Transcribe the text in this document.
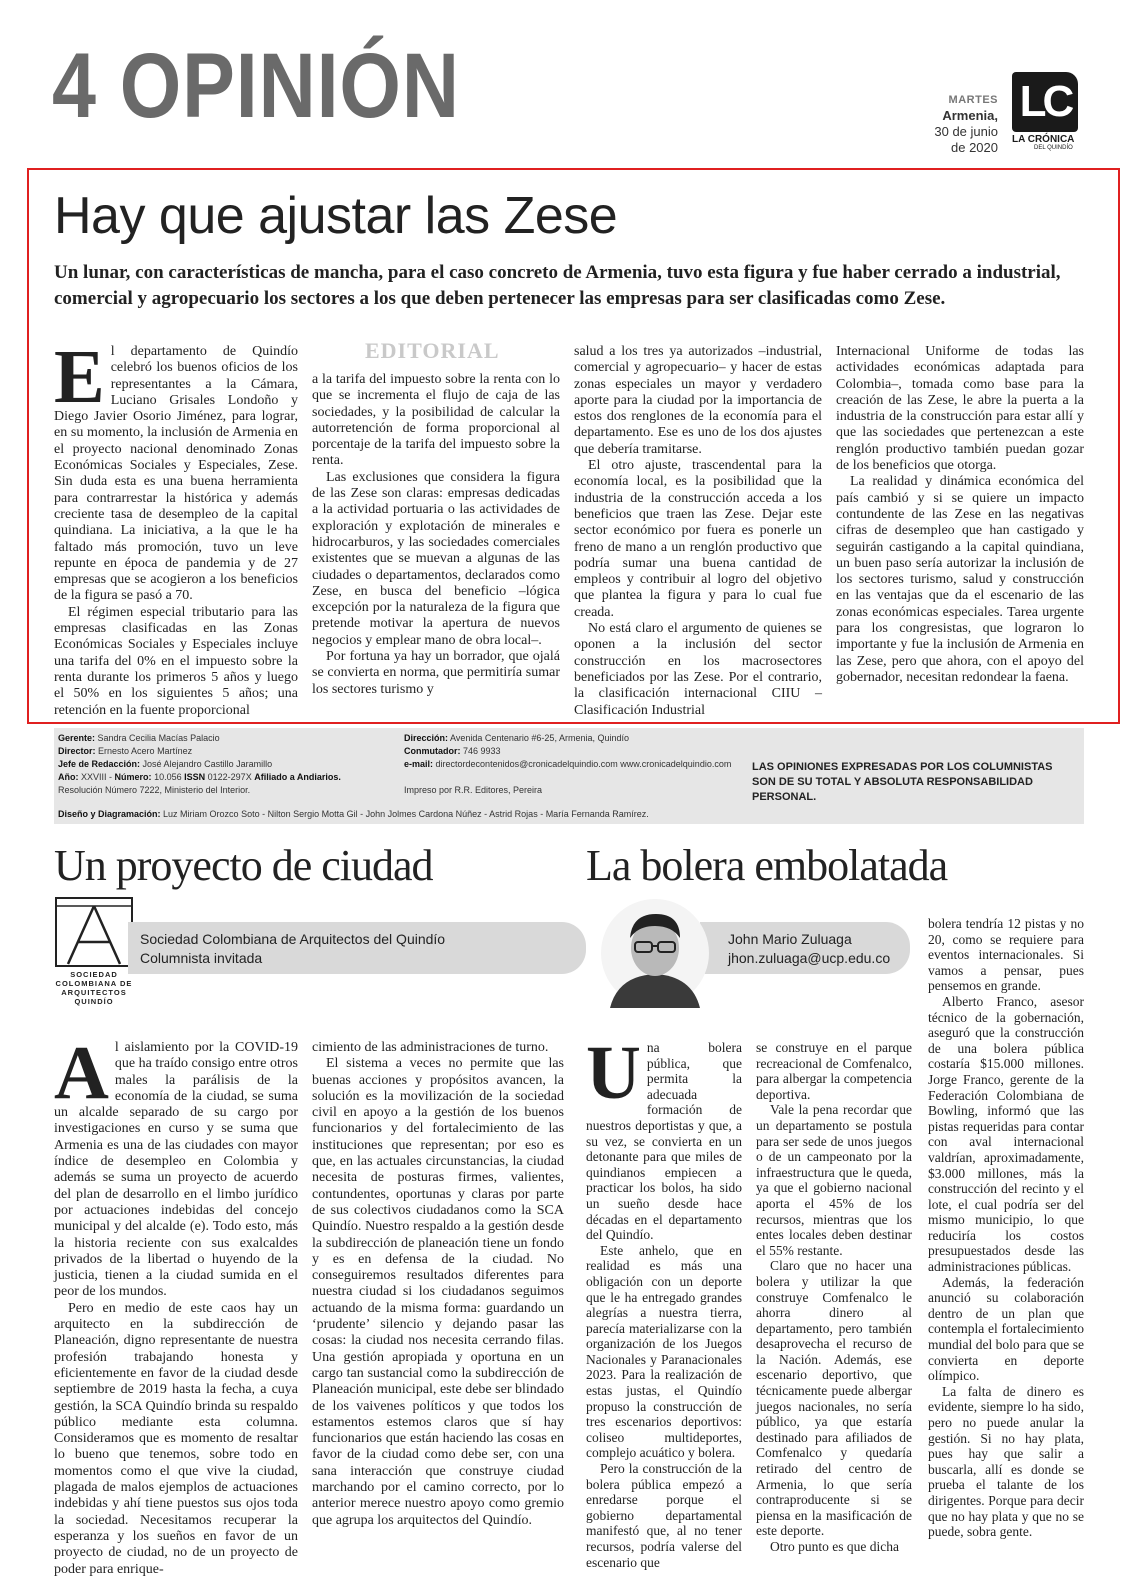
4 OPINIÓN	MARTES
Armenia,
30 de junio
de 2020
LC
LA CRÓNICA
DEL QUINDÍO
Hay que ajustar las Zese
Un lunar, con características de mancha, para el caso concreto de Armenia, tuvo esta figura y fue haber cerrado a industrial, comercial y agropecuario los sectores a los que deben pertenecer las empresas para ser clasificadas como Zese.
EDITORIAL
E l departamento de Quindío celebró los buenos oficios de los representantes a la Cámara, Luciano Grisales Londoño y Diego Javier Osorio Jiménez, para lograr, en su momento, la inclusión de Armenia en el proyecto nacional denominado Zonas Económicas Sociales y Especiales, Zese. Sin duda esta es una buena herramienta para contrarrestar la histórica y además creciente tasa de desempleo de la capital quindiana. La iniciativa, a la que le ha faltado más promoción, tuvo un leve repunte en época de pandemia y de 27 empresas que se acogieron a los beneficios de la figura se pasó a 70.

El régimen especial tributario para las empresas clasificadas en las Zonas Económicas Sociales y Especiales incluye una tarifa del 0% en el impuesto sobre la renta durante los primeros 5 años y luego el 50% en los siguientes 5 años; una retención en la fuente proporcional

a la tarifa del impuesto sobre la renta con lo que se incrementa el flujo de caja de las sociedades, y la posibilidad de calcular la autorretención de forma proporcional al porcentaje de la tarifa del impuesto sobre la renta.

Las exclusiones que considera la figura de las Zese son claras: empresas dedicadas a la actividad portuaria o las actividades de exploración y explotación de minerales e hidrocarburos, y las sociedades comerciales existentes que se muevan a algunas de las ciudades o departamentos, declarados como Zese, en busca del beneficio –lógica excepción por la naturaleza de la figura que pretende motivar la apertura de nuevos negocios y emplear mano de obra local–.

Por fortuna ya hay un borrador, que ojalá se convierta en norma, que permitiría sumar los sectores turismo y

salud a los tres ya autorizados –industrial, comercial y agropecuario– y hacer de estas zonas especiales un mayor y verdadero aporte para la ciudad por la importancia de estos dos renglones de la economía para el departamento. Ese es uno de los dos ajustes que debería tramitarse.

El otro ajuste, trascendental para la economía local, es la posibilidad que la industria de la construcción acceda a los beneficios que traen las Zese. Dejar este sector económico por fuera es ponerle un freno de mano a un renglón productivo que podría sumar una buena cantidad de empleos y contribuir al logro del objetivo que plantea la figura y para lo cual fue creada.

No está claro el argumento de quienes se oponen a la inclusión del sector construcción en los macrosectores beneficiados por las Zese. Por el contrario, la clasificación internacional CIIU –Clasificación Industrial

Internacional Uniforme de todas las actividades económicas adaptada para Colombia–, tomada como base para la creación de las Zese, le abre la puerta a la industria de la construcción para estar allí y que las sociedades que pertenezcan a este renglón productivo también puedan gozar de los beneficios que otorga.

La realidad y dinámica económica del país cambió y si se quiere un impacto contundente de las Zese en las negativas cifras de desempleo que han castigado y seguirán castigando a la capital quindiana, un buen paso sería autorizar la inclusión de los sectores turismo, salud y construcción en las ventajas que da el escenario de las zonas económicas especiales. Tarea urgente para los congresistas, que lograron lo importante y fue la inclusión de Armenia en las Zese, pero que ahora, con el apoyo del gobernador, necesitan redondear la faena.

Gerente: Sandra Cecilia Macías Palacio
Director: Ernesto Acero Martínez
Jefe de Redacción: José Alejandro Castillo Jaramillo
Año: XXVIII - Número: 10.056 ISSN 0122-297X Afiliado a Andiarios.
Resolución Número 7222, Ministerio del Interior.
Dirección: Avenida Centenario #6-25, Armenia, Quindío
Conmutador: 746 9933
e-mail: directordecontenidos@cronicadelquindio.com www.cronicadelquindio.com
Impreso por R.R. Editores, Pereira
Diseño y Diagramación: Luz Miriam Orozco Soto - Nilton Sergio Motta Gil - John Jolmes Cardona Núñez - Astrid Rojas - María Fernanda Ramírez.
LAS OPINIONES EXPRESADAS POR LOS COLUMNISTAS SON DE SU TOTAL Y ABSOLUTA RESPONSABILIDAD PERSONAL.
Un proyecto de ciudad
SOCIEDAD COLOMBIANA DE ARQUITECTOS QUINDÍO
Sociedad Colombiana de Arquitectos del Quindío
Columnista invitada
A l aislamiento por la COVID-19 que ha traído consigo entre otros males la parálisis de la economía de la ciudad, se suma un alcalde separado de su cargo por investigaciones en curso y se suma que Armenia es una de las ciudades con mayor índice de desempleo en Colombia y además se suma un proyecto de acuerdo del plan de desarrollo en el limbo jurídico por actuaciones indebidas del concejo municipal y del alcalde (e). Todo esto, más la historia reciente con sus exalcaldes privados de la libertad o huyendo de la justicia, tienen a la ciudad sumida en el peor de los mundos.

Pero en medio de este caos hay un arquitecto en la subdirección de Planeación, digno representante de nuestra profesión trabajando honesta y eficientemente en favor de la ciudad desde septiembre de 2019 hasta la fecha, a cuya gestión, la SCA Quindío brinda su respaldo público mediante esta columna. Consideramos que es momento de resaltar lo bueno que tenemos, sobre todo en momentos como el que vive la ciudad, plagada de malos ejemplos de actuaciones indebidas y ahí tiene puestos sus ojos toda la sociedad. Necesitamos recuperar la esperanza y los sueños en favor de un proyecto de ciudad, no de un proyecto de poder para enrique-

cimiento de las administraciones de turno.

El sistema a veces no permite que las buenas acciones y propósitos avancen, la solución es la movilización de la sociedad civil en apoyo a la gestión de los buenos funcionarios y del fortalecimiento de las instituciones que representan; por eso es que, en las actuales circunstancias, la ciudad necesita de posturas firmes, valientes, contundentes, oportunas y claras por parte de sus colectivos ciudadanos como la SCA Quindío. Nuestro respaldo a la gestión desde la subdirección de planeación tiene un fondo y es en defensa de la ciudad. No conseguiremos resultados diferentes para nuestra ciudad si los ciudadanos seguimos actuando de la misma forma: guardando un ‘prudente’ silencio y dejando pasar las cosas: la ciudad nos necesita cerrando filas. Una gestión apropiada y oportuna en un cargo tan sustancial como la subdirección de Planeación municipal, este debe ser blindado de los vaivenes políticos y que todos los estamentos estemos claros que sí hay funcionarios que están haciendo las cosas en favor de la ciudad como debe ser, con una sana interacción que construye ciudad marchando por el camino correcto, por lo anterior merece nuestro apoyo como gremio que agrupa los arquitectos del Quindío.

La bolera embolatada
John Mario Zuluaga
jhon.zuluaga@ucp.edu.co
U na bolera pública, que permita la adecuada formación de nuestros deportistas y que, a su vez, se convierta en un detonante para que miles de quindianos empiecen a practicar los bolos, ha sido un sueño desde hace décadas en el departamento del Quindío.

Este anhelo, que en realidad es más una obligación con un deporte que le ha entregado grandes alegrías a nuestra tierra, parecía materializarse con la organización de los Juegos Nacionales y Paranacionales 2023. Para la realización de estas justas, el Quindío propuso la construcción de tres escenarios deportivos: coliseo multideportes, complejo acuático y bolera.

Pero la construcción de la bolera pública empezó a enredarse porque el gobierno departamental manifestó que, al no tener recursos, podría valerse del escenario que

se construye en el parque recreacional de Comfenalco, para albergar la competencia deportiva.

Vale la pena recordar que un departamento se postula para ser sede de unos juegos o de un campeonato por la infraestructura que le queda, ya que el gobierno nacional aporta el 45% de los recursos, mientras que los entes locales deben destinar el 55% restante.

Claro que no hacer una bolera y utilizar la que construye Comfenalco le ahorra dinero al departamento, pero también desaprovecha el recurso de la Nación. Además, ese escenario deportivo, que técnicamente puede albergar juegos nacionales, no sería público, ya que estaría destinado para afiliados de Comfenalco y quedaría retirado del centro de Armenia, lo que sería contraproducente si se piensa en la masificación de este deporte.

Otro punto es que dicha

bolera tendría 12 pistas y no 20, como se requiere para eventos internacionales. Si vamos a pensar, pues pensemos en grande.

Alberto Franco, asesor técnico de la gobernación, aseguró que la construcción de una bolera pública costaría $15.000 millones. Jorge Franco, gerente de la Federación Colombiana de Bowling, informó que las pistas requeridas para contar con aval internacional valdrían, aproximadamente, $3.000 millones, más la construcción del recinto y el lote, el cual podría ser del mismo municipio, lo que reduciría los costos presupuestados desde las administraciones públicas.

Además, la federación anunció su colaboración dentro de un plan que contempla el fortalecimiento mundial del bolo para que se convierta en deporte olímpico.

La falta de dinero es evidente, siempre lo ha sido, pero no puede anular la gestión. Si no hay plata, pues hay que salir a buscarla, allí es donde se prueba el talante de los dirigentes. Porque para decir que no hay plata y que no se puede, sobra gente.
